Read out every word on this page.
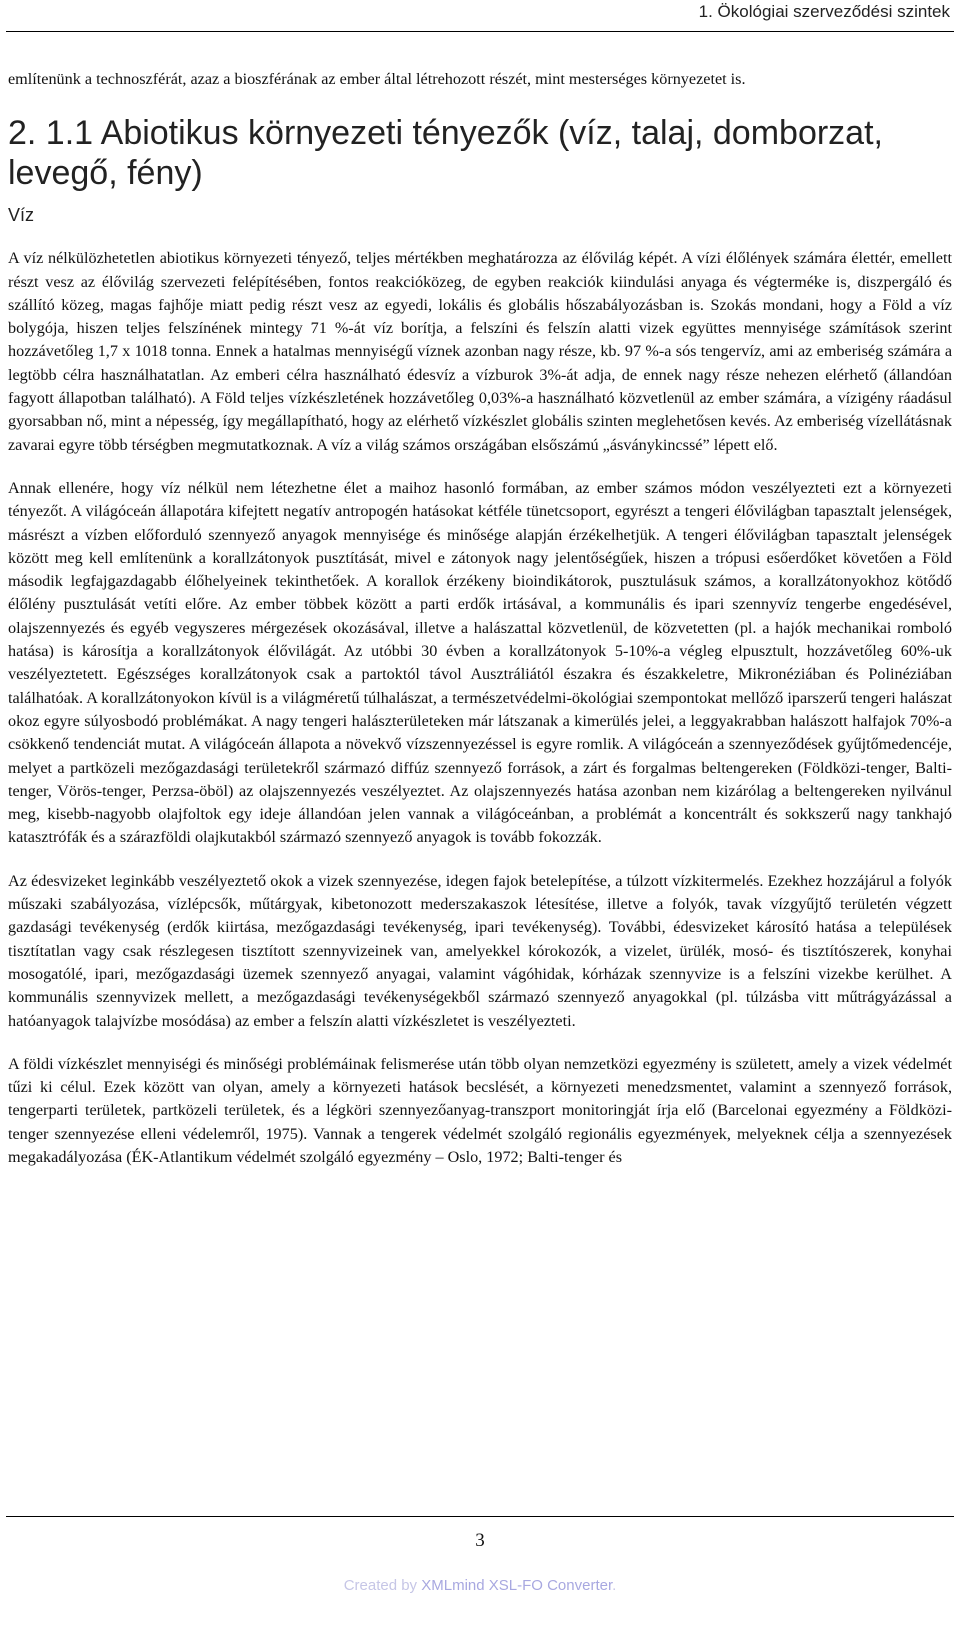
1. Ökológiai szerveződési szintek

említenünk a technoszférát, azaz a bioszférának az ember által létrehozott részét, mint mesterséges környezetet is.

2. 1.1 Abiotikus környezeti tényezők (víz, talaj, domborzat, levegő, fény)
Víz

A víz nélkülözhetetlen abiotikus környezeti tényező, teljes mértékben meghatározza az élővilág képét. A vízi élőlények számára élettér, emellett részt vesz az élővilág szervezeti felépítésében, fontos reakcióközeg, de egyben reakciók kiindulási anyaga és végterméke is, diszpergáló és szállító közeg, magas fajhője miatt pedig részt vesz az egyedi, lokális és globális hőszabályozásban is. Szokás mondani, hogy a Föld a víz bolygója, hiszen teljes felszínének mintegy 71 %-át víz borítja, a felszíni és felszín alatti vizek együttes mennyisége számítások szerint hozzávetőleg 1,7 x 1018 tonna. Ennek a hatalmas mennyiségű víznek azonban nagy része, kb. 97 %-a sós tengervíz, ami az emberiség számára a legtöbb célra használhatatlan. Az emberi célra használható édesvíz a vízburok 3%-át adja, de ennek nagy része nehezen elérhető (állandóan fagyott állapotban található). A Föld teljes vízkészletének hozzávetőleg 0,03%-a használható közvetlenül az ember számára, a vízigény ráadásul gyorsabban nő, mint a népesség, így megállapítható, hogy az elérhető vízkészlet globális szinten meglehetősen kevés. Az emberiség vízellátásnak zavarai egyre több térségben megmutatkoznak. A víz a világ számos országában elsőszámú „ásványkincssé” lépett elő.

Annak ellenére, hogy víz nélkül nem létezhetne élet a maihoz hasonló formában, az ember számos módon veszélyezteti ezt a környezeti tényezőt. A világóceán állapotára kifejtett negatív antropogén hatásokat kétféle tünetcsoport, egyrészt a tengeri élővilágban tapasztalt jelenségek, másrészt a vízben előforduló szennyező anyagok mennyisége és minősége alapján érzékelhetjük. A tengeri élővilágban tapasztalt jelenségek között meg kell említenünk a korallzátonyok pusztítását, mivel e zátonyok nagy jelentőségűek, hiszen a trópusi esőerdőket követően a Föld második legfajgazdagabb élőhelyeinek tekinthetőek. A korallok érzékeny bioindikátorok, pusztulásuk számos, a korallzátonyokhoz kötődő élőlény pusztulását vetíti előre. Az ember többek között a parti erdők irtásával, a kommunális és ipari szennyvíz tengerbe engedésével, olajszennyezés és egyéb vegyszeres mérgezések okozásával, illetve a halászattal közvetlenül, de közvetetten (pl. a hajók mechanikai romboló hatása) is károsítja a korallzátonyok élővilágát. Az utóbbi 30 évben a korallzátonyok 5-10%-a végleg elpusztult, hozzávetőleg 60%-uk veszélyeztetett. Egészséges korallzátonyok csak a partoktól távol Ausztráliától északra és északkeletre, Mikronéziában és Polinéziában találhatóak. A korallzátonyokon kívül is a világméretű túlhalászat, a természetvédelmi-ökológiai szempontokat mellőző iparszerű tengeri halászat okoz egyre súlyosbodó problémákat. A nagy tengeri halászterületeken már látszanak a kimerülés jelei, a leggyakrabban halászott halfajok 70%-a csökkenő tendenciát mutat. A világóceán állapota a növekvő vízszennyezéssel is egyre romlik. A világóceán a szennyeződések gyűjtőmedencéje, melyet a partközeli mezőgazdasági területekről származó diffúz szennyező források, a zárt és forgalmas beltengereken (Földközi-tenger, Balti-tenger, Vörös-tenger, Perzsa-öböl) az olajszennyezés veszélyeztet. Az olajszennyezés hatása azonban nem kizárólag a beltengereken nyilvánul meg, kisebb-nagyobb olajfoltok egy ideje állandóan jelen vannak a világóceánban, a problémát a koncentrált és sokkszerű nagy tankhajó katasztrófák és a szárazföldi olajkutakból származó szennyező anyagok is tovább fokozzák.

Az édesvizeket leginkább veszélyeztető okok a vizek szennyezése, idegen fajok betelepítése, a túlzott vízkitermelés. Ezekhez hozzájárul a folyók műszaki szabályozása, vízlépcsők, műtárgyak, kibetonozott mederszakaszok létesítése, illetve a folyók, tavak vízgyűjtő területén végzett gazdasági tevékenység (erdők kiirtása, mezőgazdasági tevékenység, ipari tevékenység). További, édesvizeket károsító hatása a települések tisztítatlan vagy csak részlegesen tisztított szennyvizeinek van, amelyekkel kórokozók, a vizelet, ürülék, mosó- és tisztítószerek, konyhai mosogatólé, ipari, mezőgazdasági üzemek szennyező anyagai, valamint vágóhidak, kórházak szennyvize is a felszíni vizekbe kerülhet. A kommunális szennyvizek mellett, a mezőgazdasági tevékenységekből származó szennyező anyagokkal (pl. túlzásba vitt műtrágyázással a hatóanyagok talajvízbe mosódása) az ember a felszín alatti vízkészletet is veszélyezteti.

A földi vízkészlet mennyiségi és minőségi problémáinak felismerése után több olyan nemzetközi egyezmény is született, amely a vizek védelmét tűzi ki célul. Ezek között van olyan, amely a környezeti hatások becslését, a környezeti menedzsmentet, valamint a szennyező források, tengerparti területek, partközeli területek, és a légköri szennyezőanyag-transzport monitoringját írja elő (Barcelonai egyezmény a Földközi-tenger szennyezése elleni védelemről, 1975). Vannak a tengerek védelmét szolgáló regionális egyezmények, melyeknek célja a szennyezések megakadályozása (ÉK-Atlantikum védelmét szolgáló egyezmény – Oslo, 1972; Balti-tenger és

3
Created by XMLmind XSL-FO Converter.
